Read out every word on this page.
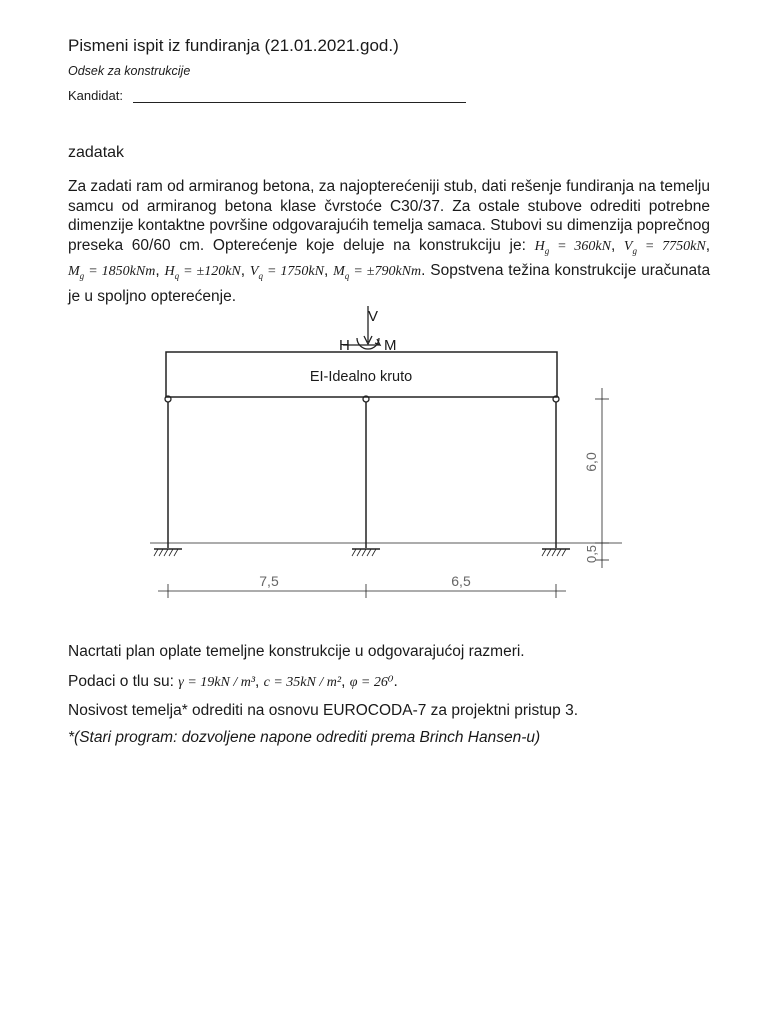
Pismeni ispit iz fundiranja (21.01.2021.god.)
Odsek za konstrukcije
Kandidat:
zadatak
Za zadati ram od armiranog betona, za najopterećeniji stub, dati rešenje fundiranja na temelju samcu od armiranog betona klase čvrstoće C30/37. Za ostale stubove odrediti potrebne dimenzije kontaktne površine odgovarajućih temelja samaca. Stubovi su dimenzija poprečnog preseka 60/60 cm. Opterećenje koje deluje na konstrukciju je: $H_g = 360kN$, $V_g = 7750kN$, $M_g = 1850kNm$, $H_q = \pm 120kN$, $V_q = 1750kN$, $M_q = \pm 790kNm$. Sopstvena težina konstrukcije uračunata je u spoljno opterećenje.
V
H M
EI-Idealno kruto
7,5	6,5
6,0
0,5
Nacrtati plan oplate temeljne konstrukcije u odgovarajućoj razmeri.
Podaci o tlu su: γ = 19kN / m³, c = 35kN / m², φ = 26⁰.
Nosivost temelja* odrediti na osnovu EUROCODA-7 za projektni pristup 3.
*(Stari program: dozvoljene napone odrediti prema Brinch Hansen-u)
